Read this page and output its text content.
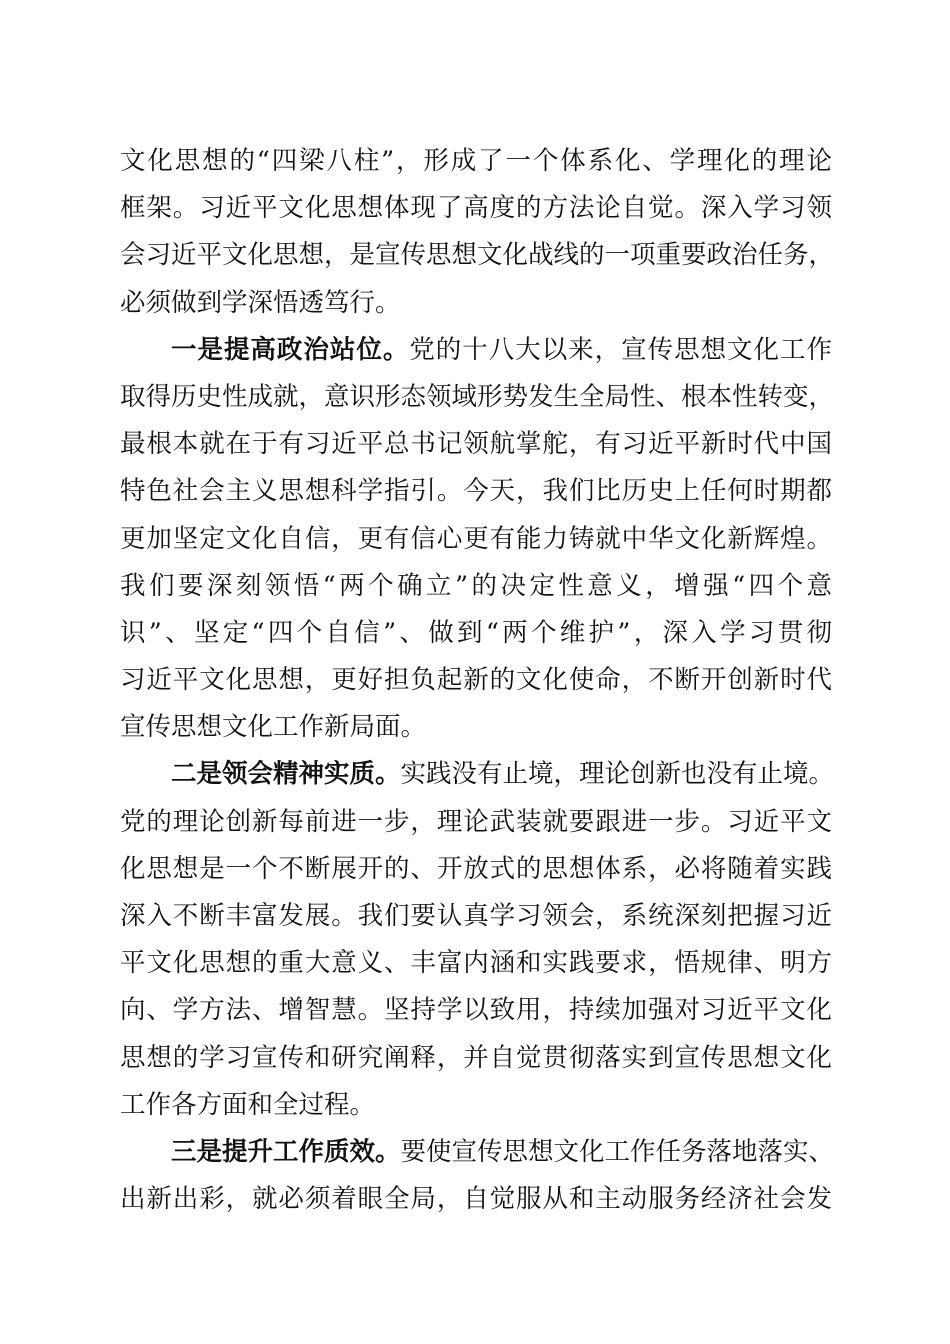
文化思想的“四梁八柱”，形成了一个体系化、学理化的理论
框架。习近平文化思想体现了高度的方法论自觉。深入学习领
会习近平文化思想，是宣传思想文化战线的一项重要政治任务，
必须做到学深悟透笃行。
一是提高政治站位。党的十八大以来，宣传思想文化工作
取得历史性成就，意识形态领域形势发生全局性、根本性转变，
最根本就在于有习近平总书记领航掌舵，有习近平新时代中国
特色社会主义思想科学指引。今天，我们比历史上任何时期都
更加坚定文化自信，更有信心更有能力铸就中华文化新辉煌。
我们要深刻领悟“两个确立”的决定性意义，增强“四个意
识”、坚定“四个自信”、做到“两个维护”，深入学习贯彻
习近平文化思想，更好担负起新的文化使命，不断开创新时代
宣传思想文化工作新局面。
二是领会精神实质。实践没有止境，理论创新也没有止境。
党的理论创新每前进一步，理论武装就要跟进一步。习近平文
化思想是一个不断展开的、开放式的思想体系，必将随着实践
深入不断丰富发展。我们要认真学习领会，系统深刻把握习近
平文化思想的重大意义、丰富内涵和实践要求，悟规律、明方
向、学方法、增智慧。坚持学以致用，持续加强对习近平文化
思想的学习宣传和研究阐释，并自觉贯彻落实到宣传思想文化
工作各方面和全过程。
三是提升工作质效。要使宣传思想文化工作任务落地落实、
出新出彩，就必须着眼全局，自觉服从和主动服务经济社会发
